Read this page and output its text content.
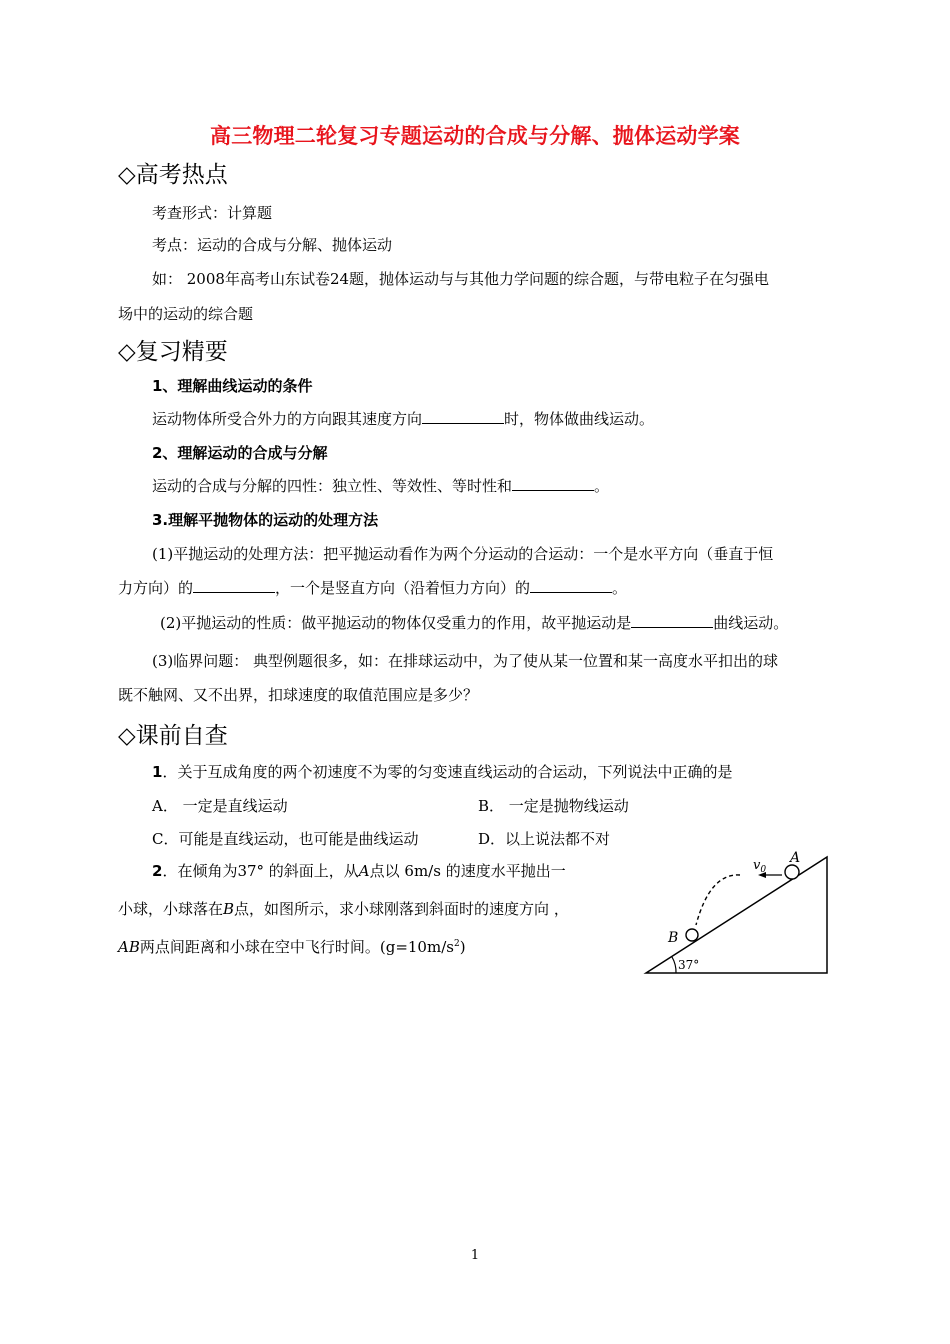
高三物理二轮复习专题运动的合成与分解、抛体运动学案
◇高考热点
考查形式：计算题
考点：运动的合成与分解、抛体运动
如： 2008年高考山东试卷24题，抛体运动与与其他力学问题的综合题，与带电粒子在匀强电
场中的运动的综合题
◇复习精要
1、理解曲线运动的条件
运动物体所受合外力的方向跟其速度方向	时，物体做曲线运动。
2、理解运动的合成与分解
运动的合成与分解的四性：独立性、等效性、等时性和	。
3.理解平抛物体的运动的处理方法
(1)平抛运动的处理方法：把平抛运动看作为两个分运动的合运动：一个是水平方向（垂直于恒
力方向）的	，一个是竖直方向（沿着恒力方向）的	。
(2)平抛运动的性质：做平抛运动的物体仅受重力的作用，故平抛运动是	曲线运动。
(3)临界问题： 典型例题很多，如：在排球运动中，为了使从某一位置和某一高度水平扣出的球
既不触网、又不出界，扣球速度的取值范围应是多少？
◇课前自查
1．关于互成角度的两个初速度不为零的匀变速直线运动的合运动，下列说法中正确的是
A． 一定是直线运动	B． 一定是抛物线运动
C．可能是直线运动，也可能是曲线运动	D．以上说法都不对
2．在倾角为37° 的斜面上，从A点以 6m/s 的速度水平抛出一
小球，小球落在B点，如图所示，求小球刚落到斜面时的速度方向 ，
AB两点间距离和小球在空中飞行时间。$(g=10m/s^2)$
$v_0$
A
B
37°
1
